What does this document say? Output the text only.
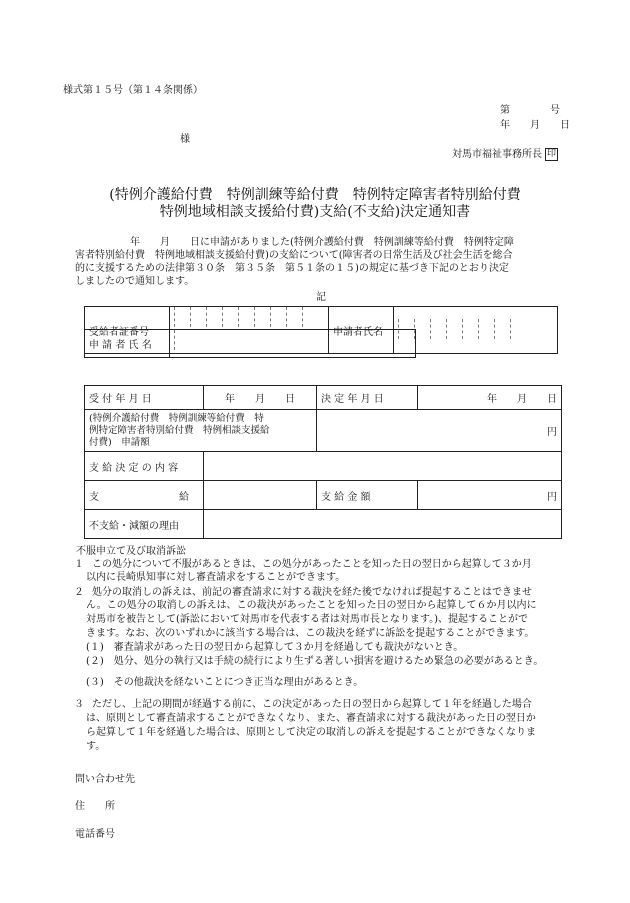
様式第１５号（第１４条関係）
第　　　　号
年　　月　　日
様
対馬市福祉事務所長 印
(特例介護給付費　特例訓練等給付費　特例特定障害者特別給付費
特例地域相談支援給付費)支給(不支給)決定通知書
年　　月　　日に申請がありました(特例介護給付費　特例訓練等給付費　特例特定障
害者特別給付費　特例地域相談支援給付費)の支給について(障害者の日常生活及び社会生活を総合
的に支援するための法律第３０条　第３５条　第５１条の１５)の規定に基づき下記のとおり決定
しましたので通知します。
記
受給者証番号		申請者氏名	
申 請 者 氏 名	
受 付 年 月 日	年　　月　　日	決 定 年 月 日	年　　月　　日

(特例介護給付費　特例訓練等給付費　特
例特定障害者特別給付費　特例相談支援給
付費)　申請額		円	
支 給 決 定 の 内 容			
支　　　　　　　　給		支 給 金 額	円
不支給・減額の理由			
不服申立て及び取消訴訟
１ この処分について不服があるときは、この処分があったことを知った日の翌日から起算して３か月
以内に長崎県知事に対し審査請求をすることができます。
２ 処分の取消しの訴えは、前記の審査請求に対する裁決を経た後でなければ提起することはできませ
ん。この処分の取消しの訴えは、この裁決があったことを知った日の翌日から起算して６か月以内に
対馬市を被告として(訴訟において対馬市を代表する者は対馬市長となります。)、提起することがで
きます。なお、次のいずれかに該当する場合は、この裁決を経ずに訴訟を提起することができます。
(１)　審査請求があった日の翌日から起算して３か月を経過しても裁決がないとき。
(２)　処分、処分の執行又は手続の続行により生ずる著しい損害を避けるため緊急の必要があるとき。
(３)　その他裁決を経ないことにつき正当な理由があるとき。
３ ただし、上記の期間が経過する前に、この決定があった日の翌日から起算して１年を経過した場合
は、原則として審査請求することができなくなり、また、審査請求に対する裁決があった日の翌日か
ら起算して１年を経過した場合は、原則として決定の取消しの訴えを提起することができなくなりま
す。
問い合わせ先
住　　所
電話番号
